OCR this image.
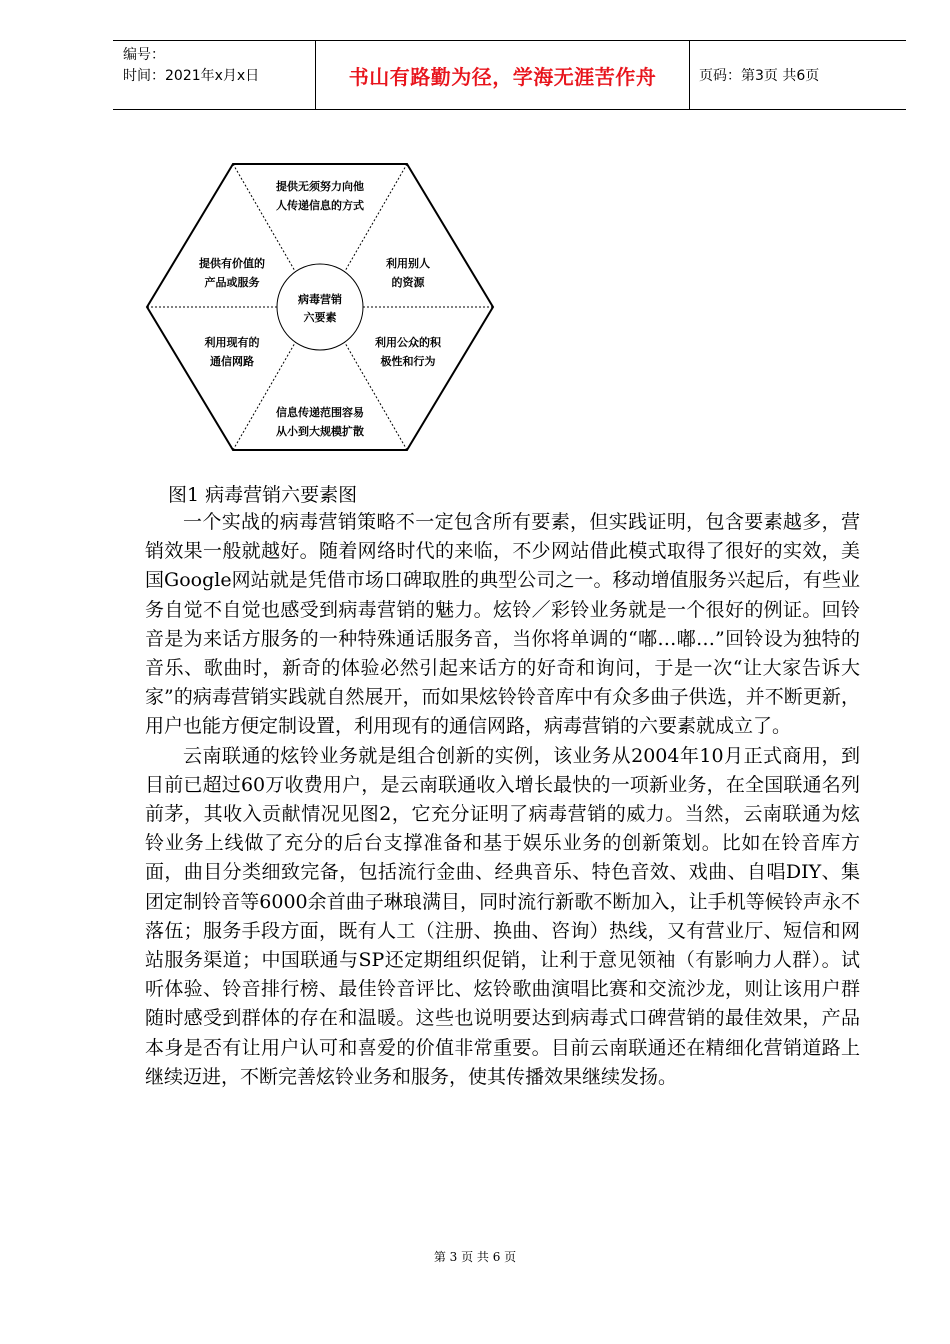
编号：
时间：2021年x月x日	书山有路勤为径，学海无涯苦作舟	页码：第3页 共6页
病毒营销
六要素
提供无须努力向他
人传递信息的方式
利用别人
的资源
利用公众的积
极性和行为
信息传递范围容易
从小到大规模扩散
利用现有的
通信网路
提供有价值的
产品或服务
图1 病毒营销六要素图

一个实战的病毒营销策略不一定包含所有要素，但实践证明，包含要素越多，营销效果一般就越好。随着网络时代的来临，不少网站借此模式取得了很好的实效，美国Google网站就是凭借市场口碑取胜的典型公司之一。移动增值服务兴起后，有些业务自觉不自觉也感受到病毒营销的魅力。炫铃／彩铃业务就是一个很好的例证。回铃音是为来话方服务的一种特殊通话服务音，当你将单调的“嘟…嘟…”回铃设为独特的音乐、歌曲时，新奇的体验必然引起来话方的好奇和询问，于是一次“让大家告诉大家”的病毒营销实践就自然展开，而如果炫铃铃音库中有众多曲子供选，并不断更新，用户也能方便定制设置，利用现有的通信网路，病毒营销的六要素就成立了。

云南联通的炫铃业务就是组合创新的实例，该业务从2004年10月正式商用，到目前已超过60万收费用户，是云南联通收入增长最快的一项新业务，在全国联通名列前茅，其收入贡献情况见图2，它充分证明了病毒营销的威力。当然，云南联通为炫铃业务上线做了充分的后台支撑准备和基于娱乐业务的创新策划。比如在铃音库方面，曲目分类细致完备，包括流行金曲、经典音乐、特色音效、戏曲、自唱DIY、集团定制铃音等6000余首曲子琳琅满目，同时流行新歌不断加入，让手机等候铃声永不落伍；服务手段方面，既有人工（注册、换曲、咨询）热线，又有营业厅、短信和网站服务渠道；中国联通与SP还定期组织促销，让利于意见领袖（有影响力人群）。试听体验、铃音排行榜、最佳铃音评比、炫铃歌曲演唱比赛和交流沙龙，则让该用户群随时感受到群体的存在和温暖。这些也说明要达到病毒式口碑营销的最佳效果，产品本身是否有让用户认可和喜爱的价值非常重要。目前云南联通还在精细化营销道路上继续迈进，不断完善炫铃业务和服务，使其传播效果继续发扬。

第 3 页 共 6 页
